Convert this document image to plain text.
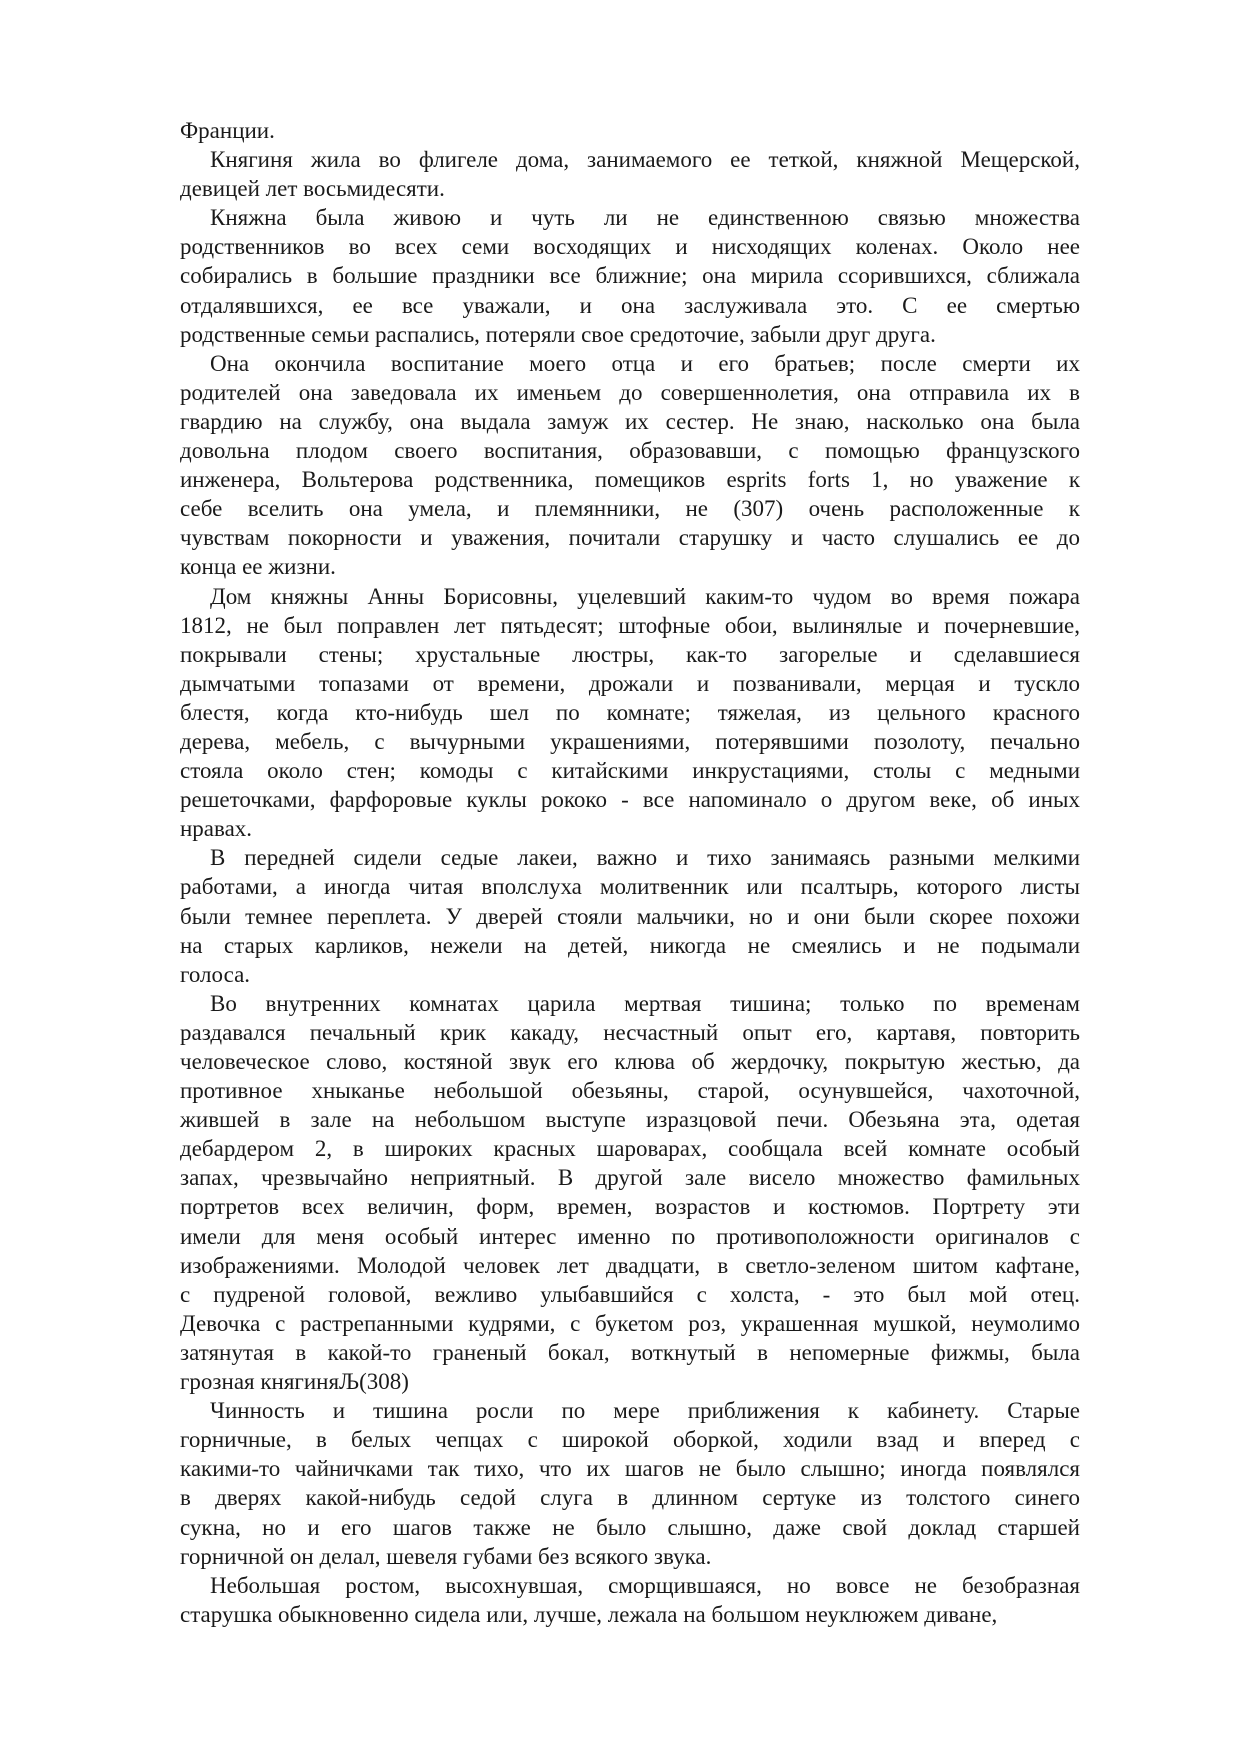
Франции.
Княгиня жила во флигеле дома, занимаемого ее теткой, княжной Мещерской,
девицей лет восьмидесяти.
Княжна была живою и чуть ли не единственною связью множества
родственников во всех семи восходящих и нисходящих коленах. Около нее
собирались в большие праздники все ближние; она мирила ссорившихся, сближала
отдалявшихся, ее все уважали, и она заслуживала это. С ее смертью
родственные семьи распались, потеряли свое средоточие, забыли друг друга.
Она окончила воспитание моего отца и его братьев; после смерти их
родителей она заведовала их именьем до совершеннолетия, она отправила их в
гвардию на службу, она выдала замуж их сестер. Не знаю, насколько она была
довольна плодом своего воспитания, образовавши, с помощью французского
инженера, Вольтерова родственника, помещиков esprits forts 1, но уважение к
себе вселить она умела, и племянники, не (307) очень расположенные к
чувствам покорности и уважения, почитали старушку и часто слушались ее до
конца ее жизни.
Дом княжны Анны Борисовны, уцелевший каким-то чудом во время пожара
1812, не был поправлен лет пятьдесят; штофные обои, вылинялые и почерневшие,
покрывали стены; хрустальные люстры, как-то загорелые и сделавшиеся
дымчатыми топазами от времени, дрожали и позванивали, мерцая и тускло
блестя, когда кто-нибудь шел по комнате; тяжелая, из цельного красного
дерева, мебель, с вычурными украшениями, потерявшими позолоту, печально
стояла около стен; комоды с китайскими инкрустациями, столы с медными
решеточками, фарфоровые куклы рококо - все напоминало о другом веке, об иных
нравах.
В передней сидели седые лакеи, важно и тихо занимаясь разными мелкими
работами, а иногда читая вполслуха молитвенник или псалтырь, которого листы
были темнее переплета. У дверей стояли мальчики, но и они были скорее похожи
на старых карликов, нежели на детей, никогда не смеялись и не подымали
голоса.
Во внутренних комнатах царила мертвая тишина; только по временам
раздавался печальный крик какаду, несчастный опыт его, картавя, повторить
человеческое слово, костяной звук его клюва об жердочку, покрытую жестью, да
противное хныканье небольшой обезьяны, старой, осунувшейся, чахоточной,
жившей в зале на небольшом выступе изразцовой печи. Обезьяна эта, одетая
дебардером 2, в широких красных шароварах, сообщала всей комнате особый
запах, чрезвычайно неприятный. В другой зале висело множество фамильных
портретов всех величин, форм, времен, возрастов и костюмов. Портрету эти
имели для меня особый интерес именно по противоположности оригиналов с
изображениями. Молодой человек лет двадцати, в светло-зеленом шитом кафтане,
с пудреной головой, вежливо улыбавшийся с холста, - это был мой отец.
Девочка с растрепанными кудрями, с букетом роз, украшенная мушкой, неумолимо
затянутая в какой-то граненый бокал, воткнутый в непомерные фижмы, была
грозная княгиняЉ(308)
Чинность и тишина росли по мере приближения к кабинету. Старые
горничные, в белых чепцах с широкой оборкой, ходили взад и вперед с
какими-то чайничками так тихо, что их шагов не было слышно; иногда появлялся
в дверях какой-нибудь седой слуга в длинном сертуке из толстого синего
сукна, но и его шагов также не было слышно, даже свой доклад старшей
горничной он делал, шевеля губами без всякого звука.
Небольшая ростом, высохнувшая, сморщившаяся, но вовсе не безобразная
старушка обыкновенно сидела или, лучше, лежала на большом неуклюжем диване,
